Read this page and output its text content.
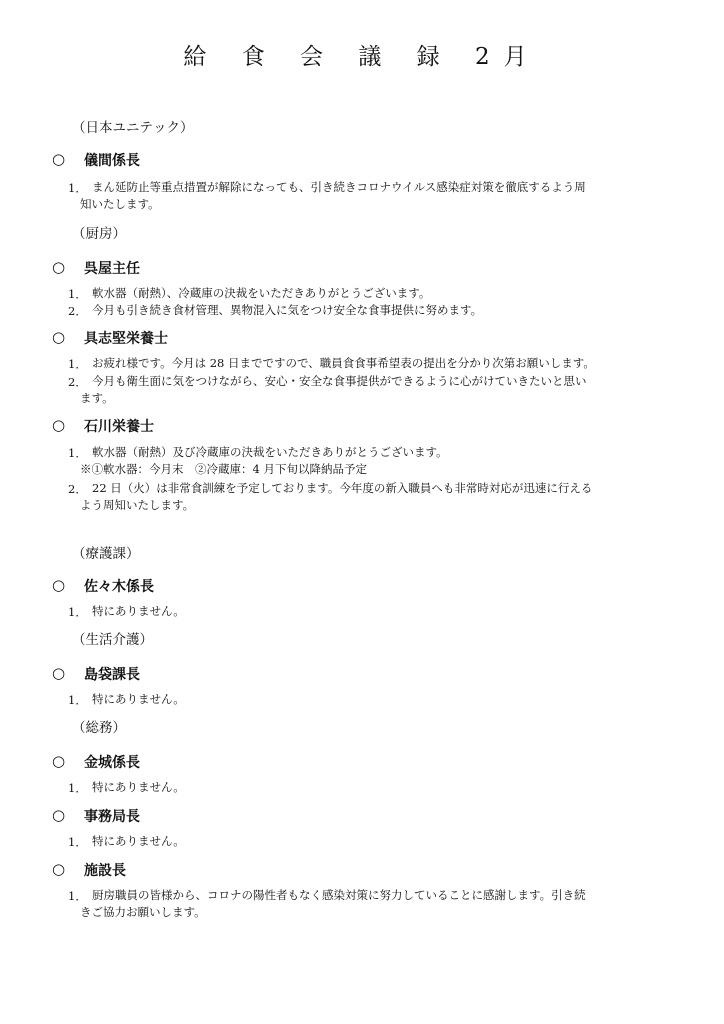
給 食 会 議 録 2月
（日本ユニテック）
○ 儀間係長
1． まん延防止等重点措置が解除になっても、引き続きコロナウイルス感染症対策を徹底するよう周
知いたします。
（厨房）
○ 呉屋主任
1． 軟水器（耐熱）、冷蔵庫の決裁をいただきありがとうございます。
2． 今月も引き続き食材管理、異物混入に気をつけ安全な食事提供に努めます。
○ 具志堅栄養士
1． お疲れ様です。今月は 28 日までですので、職員食食事希望表の提出を分かり次第お願いします。
2． 今月も衛生面に気をつけながら、安心・安全な食事提供ができるように心がけていきたいと思い
ます。
○ 石川栄養士
1． 軟水器（耐熱）及び冷蔵庫の決裁をいただきありがとうございます。
※①軟水器：今月末　②冷蔵庫：4 月下旬以降納品予定
2． 22 日（火）は非常食訓練を予定しております。今年度の新入職員へも非常時対応が迅速に行える
よう周知いたします。
（療護課）
○ 佐々木係長
1． 特にありません。
（生活介護）
○ 島袋課長
1． 特にありません。
（総務）
○ 金城係長
1． 特にありません。
○ 事務局長
1． 特にありません。
○ 施設長
1． 厨房職員の皆様から、コロナの陽性者もなく感染対策に努力していることに感謝します。引き続
きご協力お願いします。
